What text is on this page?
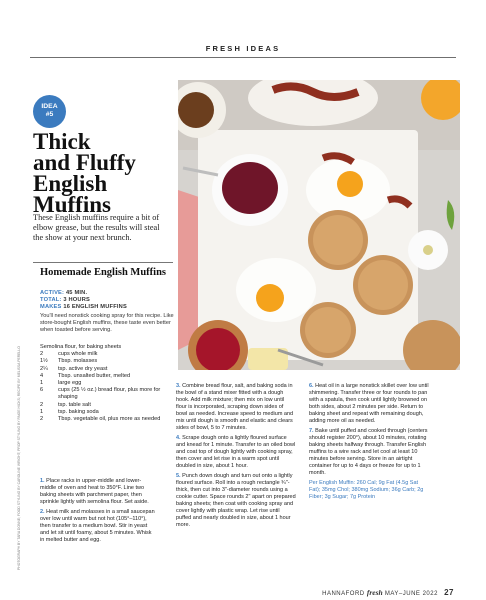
FRESH IDEAS
IDEA
#5
Thick
and Fluffy
English
Muffins
These English muffins require a bit of elbow grease, but the results will steal the show at your next brunch.
Homemade English Muffins
ACTIVE: 45 MIN.
TOTAL: 3 HOURS
MAKES 16 ENGLISH MUFFINS
You'll need nonstick cooking spray for this recipe. Like store-bought English muffins, these taste even better when toasted before serving.
Semolina flour, for baking sheets
2	cups whole milk
1½	Tbsp. molasses
2¼	tsp. active dry yeast
4	Tbsp. unsalted butter, melted
1	large egg
6	cups (25 ½ oz.) bread flour, plus more for shaping
2	tsp. table salt
1	tsp. baking soda
2	Tbsp. vegetable oil, plus more as needed

1. Place racks in upper-middle and lower-middle of oven and heat to 350°F. Line two baking sheets with parchment paper, then sprinkle lightly with semolina flour. Set aside.

2. Heat milk and molasses in a small saucepan over low until warm but not hot (105°–110°), then transfer to a medium bowl. Stir in yeast and let sit until foamy, about 5 minutes. Whisk in melted butter and egg.

3. Combine bread flour, salt, and baking soda in the bowl of a stand mixer fitted with a dough hook. Add milk mixture; then mix on low until flour is incorporated, scraping down sides of bowl as needed. Increase speed to medium and mix until dough is smooth and elastic and clears sides of bowl, 5 to 7 minutes.

4. Scrape dough onto a lightly floured surface and knead for 1 minute. Transfer to an oiled bowl and coat top of dough lightly with cooking spray, then cover and let rise in a warm spot until doubled in size, about 1 hour.

5. Punch down dough and turn out onto a lightly floured surface. Roll into a rough rectangle ¾"-thick, then cut into 3"-diameter rounds using a cookie cutter. Space rounds 2" apart on prepared baking sheets; then coat with cooking spray and cover lightly with plastic wrap. Let rise until puffed and nearly doubled in size, about 1 hour more.

6. Heat oil in a large nonstick skillet over low until shimmering. Transfer three or four rounds to pan with a spatula, then cook until lightly browned on both sides, about 2 minutes per side. Return to baking sheet and repeat with remaining dough, adding more oil as needed.

7. Bake until puffed and cooked through (centers should register 200°), about 10 minutes, rotating baking sheets halfway through. Transfer English muffins to a wire rack and let cool at least 10 minutes before serving. Store in an airtight container for up to 4 days or freeze for up to 1 month.

Per English Muffin: 260 Cal; 9g Fat (4.5g Sat Fat); 35mg Chol; 380mg Sodium; 36g Carb; 2g Fiber; 3g Sugar; 7g Protein

PHOTOGRAPH BY TARA DONNE; FOOD STYLING BY CAROLINE WRIGHT; PROP STYLING BY PAIGE HICKS; RECIPE BY MELISSA PERELLO
HANNAFORD fresh MAY–JUNE 2022 27
